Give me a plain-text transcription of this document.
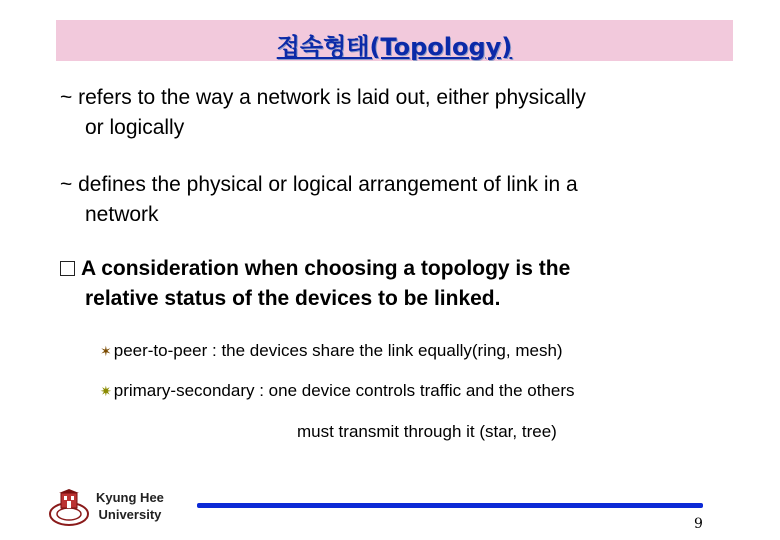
접속형태(Topology)
~ refers to the way a network is laid out, either physically
or logically
~ defines the physical or logical arrangement of link in a
network
A consideration when choosing a topology is the
relative status of the devices to be linked.
✶ peer-to-peer : the devices share the link equally(ring, mesh)
✷ primary-secondary : one device controls traffic and the others
must transmit through it (star, tree)
Kyung Hee
University
9
